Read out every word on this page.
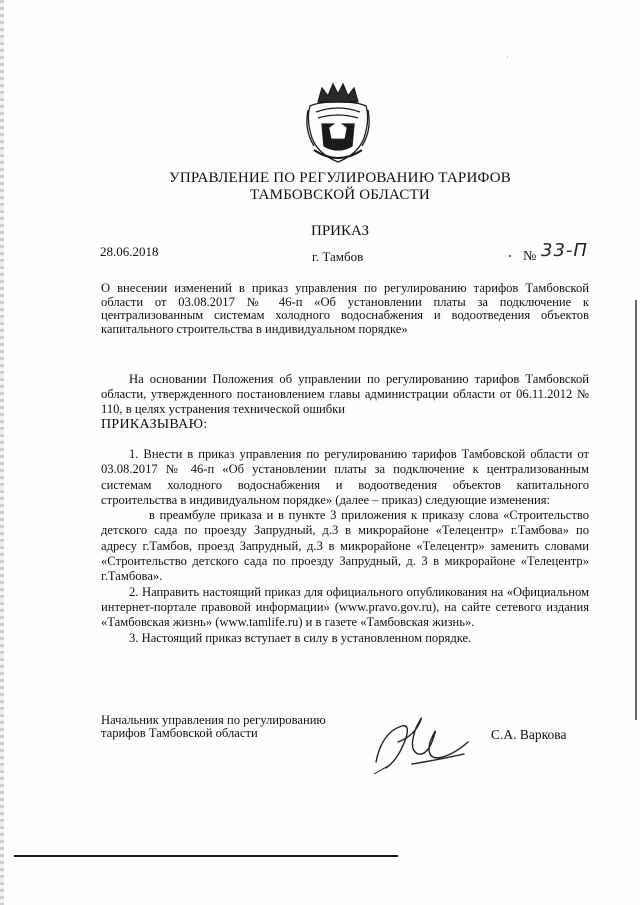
·
УПРАВЛЕНИЕ ПО РЕГУЛИРОВАНИЮ ТАРИФОВ
ТАМБОВСКОЙ ОБЛАСТИ
ПРИКАЗ
28.06.2018	г. Тамбов	№ 33-П
О внесении изменений в приказ управления по регулированию тарифов Тамбовской области от 03.08.2017 № 46-п «Об установлении платы за подключение к централизованным системам холодного водоснабжения и водоотведения объектов капитального строительства в индивидуальном порядке»
На основании Положения об управлении по регулированию тарифов Тамбовской области, утвержденного постановлением главы администрации области от 06.11.2012 № 110, в целях устранения технической ошибки
ПРИКАЗЫВАЮ:

1. Внести в приказ управления по регулированию тарифов Тамбовской области от 03.08.2017 № 46-п «Об установлении платы за подключение к централизованным системам холодного водоснабжения и водоотведения объектов капитального строительства в индивидуальном порядке» (далее – приказ) следующие изменения:

в преамбуле приказа и в пункте 3 приложения к приказу слова «Строительство детского сада по проезду Запрудный, д.3 в микрорайоне «Телецентр» г.Тамбова» по адресу г.Тамбов, проезд Запрудный, д.3 в микрорайоне «Телецентр» заменить словами «Строительство детского сада по проезду Запрудный, д. 3 в микрорайоне «Телецентр» г.Тамбова».

2. Направить настоящий приказ для официального опубликования на «Официальном интернет-портале правовой информации» (www.pravo.gov.ru), на сайте сетевого издания «Тамбовская жизнь» (www.tamlife.ru) и в газете «Тамбовская жизнь».

3. Настоящий приказ вступает в силу в установленном порядке.

Начальник управления по регулированию
тарифов Тамбовской области	С.А. Варкова
